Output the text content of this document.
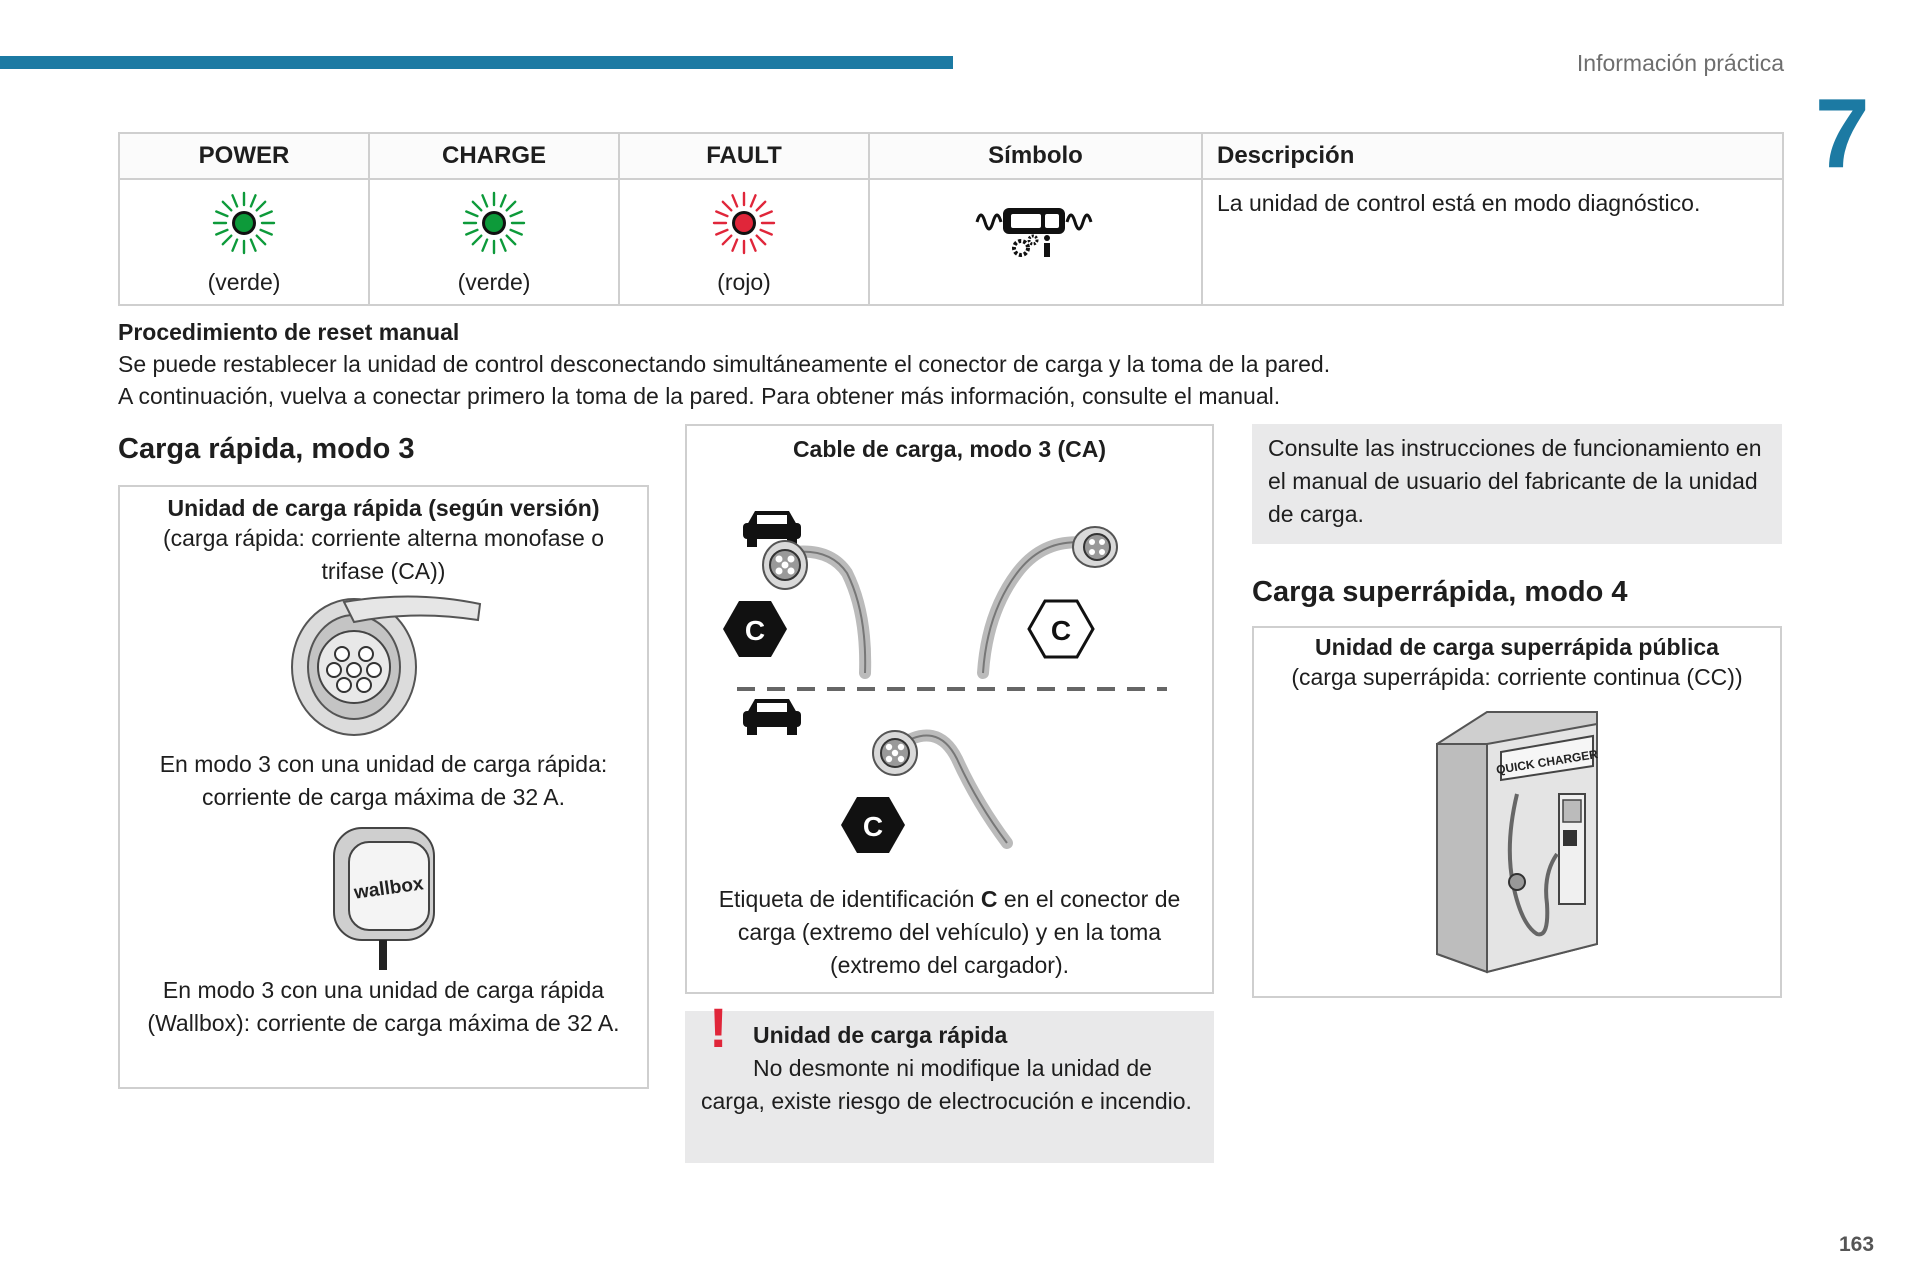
Información práctica
7
POWER	CHARGE	FAULT	Símbolo	Descripción

(verde)	(verde)	(rojo)		La unidad de control está en modo diagnóstico.
Procedimiento de reset manual
Se puede restablecer la unidad de control desconectando simultáneamente el conector de carga y la toma de la pared.
A continuación, vuelva a conectar primero la toma de la pared. Para obtener más información, consulte el manual.
Carga rápida, modo 3
Unidad de carga rápida (según versión)
(carga rápida: corriente alterna monofase o trifase (CA))
En modo 3 con una unidad de carga rápida: corriente de carga máxima de 32 A.
wallbox
En modo 3 con una unidad de carga rápida (Wallbox): corriente de carga máxima de 32 A.
Cable de carga, modo 3 (CA)
C	C
C
Etiqueta de identificación C en el conector de carga (extremo del vehículo) y en la toma (extremo del cargador).
!	Unidad de carga rápida
No desmonte ni modifique la unidad de carga, existe riesgo de electrocución e incendio.
Consulte las instrucciones de funcionamiento en el manual de usuario del fabricante de la unidad de carga.
Carga superrápida, modo 4
Unidad de carga superrápida pública
(carga superrápida: corriente continua (CC))
QUICK CHARGER
163
